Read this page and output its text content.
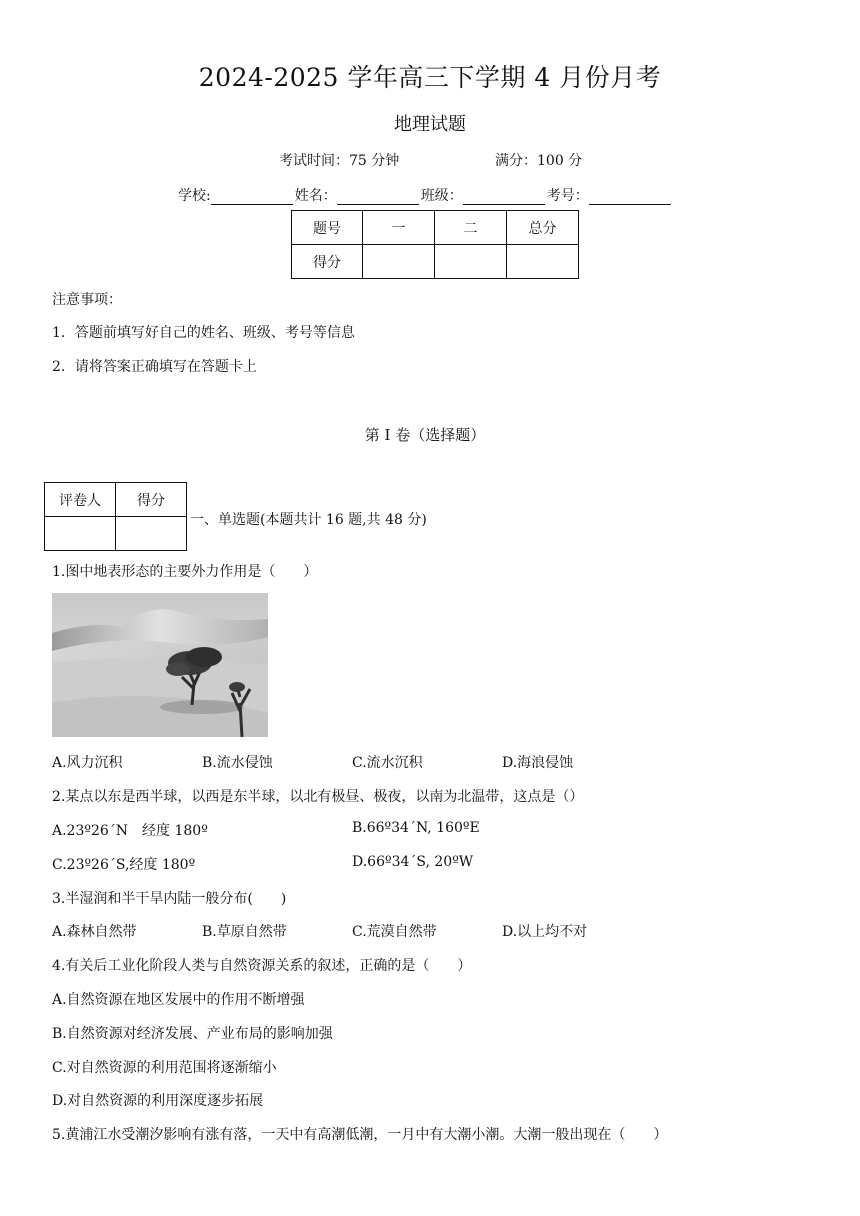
2024-2025 学年高三下学期 4 月份月考
地理试题
考试时间：75 分钟	满分：100 分
学校:	姓名：	班级：	考号：
题号	一	二	总分
得分			
注意事项：
1．答题前填写好自己的姓名、班级、考号等信息
2．请将答案正确填写在答题卡上
第 I 卷（选择题）
评卷人	得分

一、单选题(本题共计 16 题,共 48 分)
1.图中地表形态的主要外力作用是（　　）
A.风力沉积	B.流水侵蚀	C.流水沉积	D.海浪侵蚀
2.某点以东是西半球，以西是东半球，以北有极昼、极夜，以南为北温带，这点是（）
A.23º26´N　经度 180º	B.66º34´N, 160ºE
C.23º26´S,经度 180º	D.66º34´S, 20ºW
3.半湿润和半干旱内陆一般分布(　　)
A.森林自然带	B.草原自然带	C.荒漠自然带	D.以上均不对
4.有关后工业化阶段人类与自然资源关系的叙述，正确的是（　　）
A.自然资源在地区发展中的作用不断增强
B.自然资源对经济发展、产业布局的影响加强
C.对自然资源的利用范围将逐渐缩小
D.对自然资源的利用深度逐步拓展
5.黄浦江水受潮汐影响有涨有落，一天中有高潮低潮，一月中有大潮小潮。大潮一般出现在（　　）
